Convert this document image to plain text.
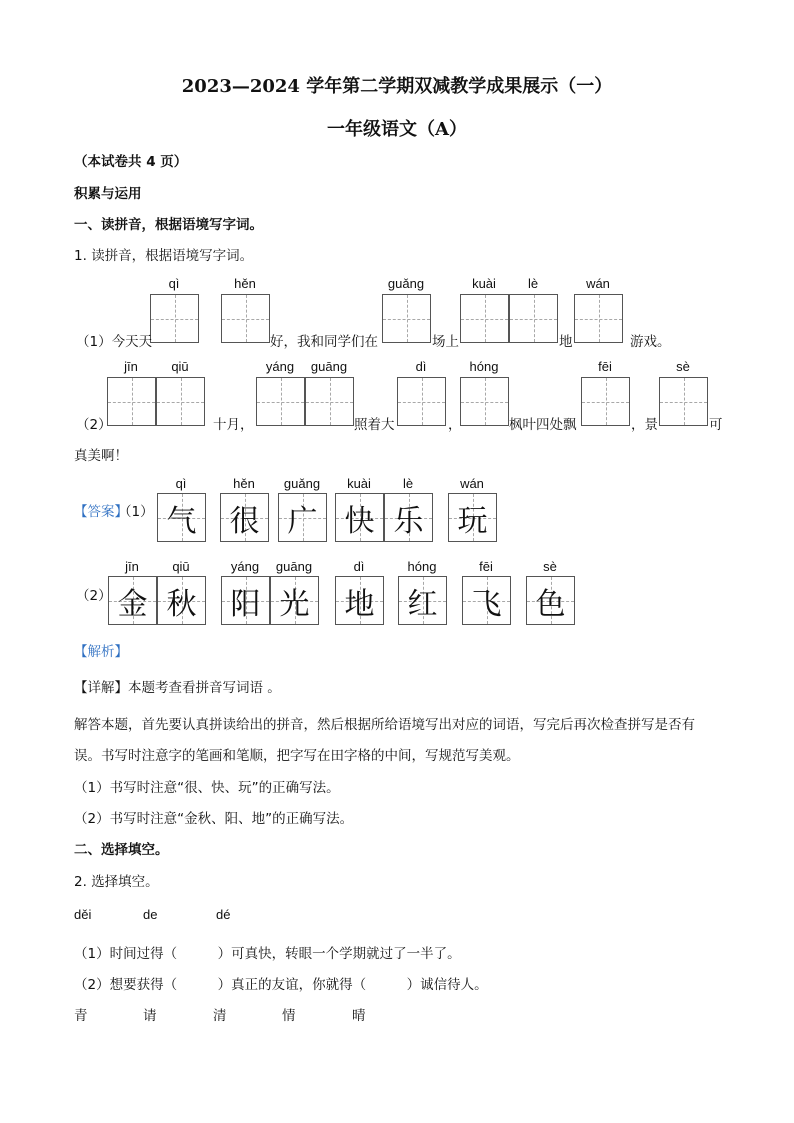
2023—2024 学年第二学期双减教学成果展示（一）
一年级语文（A）
（本试卷共 4 页）
积累与运用
一、读拼音，根据语境写字词。
1. 读拼音，根据语境写字词。
qì	hěn	guǎng	kuài	lè	wán
（1）今天天	好，我和同学们在	场上	地	游戏。
jīn	qiū	yáng	guāng	dì	hóng	fēi	sè
（2）	十月，	照着大	，	枫叶四处飘	，景	可
真美啊！
【答案】
（1）
qì	hěn	guǎng	kuài	lè	wán
气 很 广 快 乐 玩
（2）
jīn	qiū	yáng	guāng	dì	hóng	fēi	sè
金 秋 阳 光 地 红 飞 色
【解析】
【详解】本题考查看拼音写词语 。
解答本题，首先要认真拼读给出的拼音，然后根据所给语境写出对应的词语，写完后再次检查拼写是否有
误。书写时注意字的笔画和笔顺，把字写在田字格的中间，写规范写美观。
（1）书写时注意“很、快、玩”的正确写法。
（2）书写时注意“金秋、阳、地”的正确写法。
二、选择填空。
2. 选择填空。
děi	de	dé
（1）时间过得（　　　）可真快，转眼一个学期就过了一半了。
（2）想要获得（　　　）真正的友谊，你就得（　　　）诚信待人。
青	请	清	情	晴
